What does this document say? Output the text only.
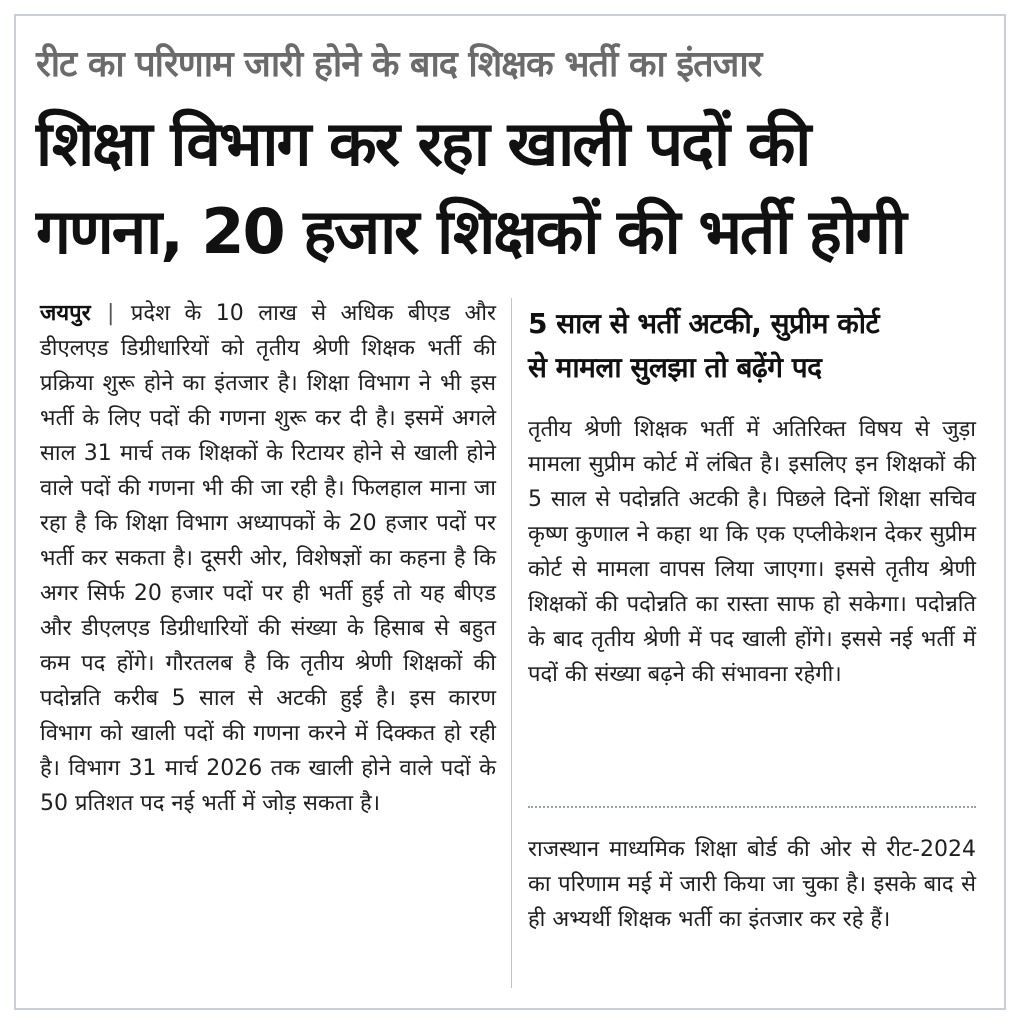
रीट का परिणाम जारी होने के बाद शिक्षक भर्ती का इंतजार
शिक्षा विभाग कर रहा खाली पदों की
गणना, 20 हजार शिक्षकों की भर्ती होगी
जयपुर | प्रदेश के 10 लाख से अधिक बीएड और डीएलएड डिग्रीधारियों को तृतीय श्रेणी शिक्षक भर्ती की प्रक्रिया शुरू होने का इंतजार है। शिक्षा विभाग ने भी इस भर्ती के लिए पदों की गणना शुरू कर दी है। इसमें अगले साल 31 मार्च तक शिक्षकों के रिटायर होने से खाली होने वाले पदों की गणना भी की जा रही है। फिलहाल माना जा रहा है कि शिक्षा विभाग अध्यापकों के 20 हजार पदों पर भर्ती कर सकता है। दूसरी ओर, विशेषज्ञों का कहना है कि अगर सिर्फ 20 हजार पदों पर ही भर्ती हुई तो यह बीएड और डीएलएड डिग्रीधारियों की संख्या के हिसाब से बहुत कम पद होंगे। गौरतलब है कि तृतीय श्रेणी शिक्षकों की पदोन्नति करीब 5 साल से अटकी हुई है। इस कारण विभाग को खाली पदों की गणना करने में दिक्कत हो रही है। विभाग 31 मार्च 2026 तक खाली होने वाले पदों के 50 प्रतिशत पद नई भर्ती में जोड़ सकता है।
5 साल से भर्ती अटकी, सुप्रीम कोर्ट
से मामला सुलझा तो बढ़ेंगे पद
तृतीय श्रेणी शिक्षक भर्ती में अतिरिक्त विषय से जुड़ा मामला सुप्रीम कोर्ट में लंबित है। इसलिए इन शिक्षकों की 5 साल से पदोन्नति अटकी है। पिछले दिनों शिक्षा सचिव कृष्ण कुणाल ने कहा था कि एक एप्लीकेशन देकर सुप्रीम कोर्ट से मामला वापस लिया जाएगा। इससे तृतीय श्रेणी शिक्षकों की पदोन्नति का रास्ता साफ हो सकेगा। पदोन्नति के बाद तृतीय श्रेणी में पद खाली होंगे। इससे नई भर्ती में पदों की संख्या बढ़ने की संभावना रहेगी।
राजस्थान माध्यमिक शिक्षा बोर्ड की ओर से रीट-2024 का परिणाम मई में जारी किया जा चुका है। इसके बाद से ही अभ्यर्थी शिक्षक भर्ती का इंतजार कर रहे हैं।
